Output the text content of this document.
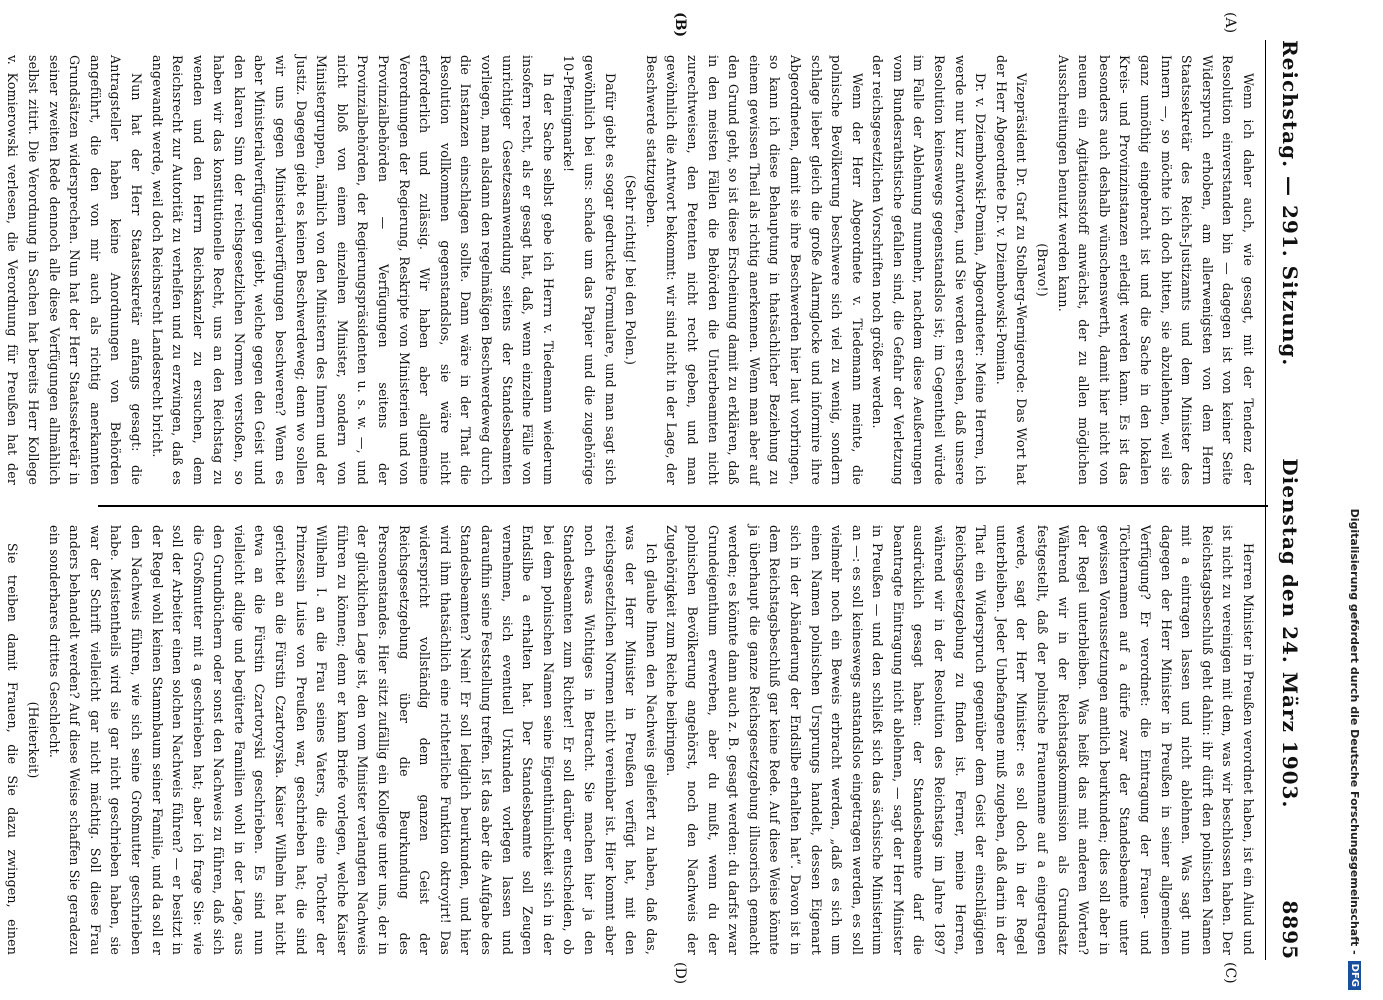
Reichstag. — 291. Sitzung.
Dienstag den 24. März 1903.
8895
(A)
(B)
(C)
(D)

Wenn ich daher auch, wie gesagt, mit der Tendenz der Resolution einverstanden bin — dagegen ist von keiner Seite Widerspruch erhoben, am allerwenigsten von dem Herrn Staatssekretär des Reichs-Justizamts und dem Minister des Innern —, so möchte ich doch bitten, sie abzulehnen, weil sie ganz unnöthig eingebracht ist und die Sache in den lokalen Kreis- und Provinzinstanzen erledigt werden kann. Es ist das besonders auch deshalb wünschenswerth, damit hier nicht von neuem ein Agitationsstoff anwächst, der zu allen möglichen Ausschreitungen benutzt werden kann.

(Bravo!)

Vizepräsident Dr. Graf zu Stolberg-Wernigerode: Das Wort hat der Herr Abgeordnete Dr. v. Dziembowski-Pomian.

Dr. v. Dziembowski-Pomian, Abgeordneter: Meine Herren, ich werde nur kurz antworten, und Sie werden ersehen, daß unsere Resolution keineswegs gegenstandslos ist; im Gegentheil würde im Falle der Ablehnung nunmehr, nachdem diese Aeußerungen vom Bundesrathstische gefallen sind, die Gefahr der Verletzung der reichsgesetzlichen Vorschriften noch größer werden.

Wenn der Herr Abgeordnete v. Tiedemann meinte, die polnische Bevölkerung beschwere sich viel zu wenig, sondern schlage lieber gleich die große Alarmglocke und informire ihre Abgeordneten, damit sie ihre Beschwerden hier laut vorbringen, so kann ich diese Behauptung in thatsächlicher Beziehung zu einem gewissen Theil als richtig anerkennen. Wenn man aber auf den Grund geht, so ist diese Erscheinung damit zu erklären, daß in den meisten Fällen die Behörden die Unterbeamten nicht zurechtweisen, den Petenten nicht recht geben, und man gewöhnlich die Antwort bekommt: wir sind nicht in der Lage, der Beschwerde stattzugeben.

(Sehr richtig! bei den Polen.)

Dafür giebt es sogar gedruckte Formulare, und man sagt sich gewöhnlich bei uns: schade um das Papier und die zugehörige 10-Pfennigmarke!

In der Sache selbst gebe ich Herrn v. Tiedemann wiederum insofern recht, als er gesagt hat, daß, wenn einzelne Fälle von unrichtiger Gesetzesanwendung seitens der Standesbeamten vorliegen, man alsdann den regelmäßigen Beschwerdeweg durch die Instanzen einschlagen sollte. Dann wäre in der That die Resolution vollkommen gegenstandslos, sie wäre nicht erforderlich und zulässig. Wir haben aber allgemeine Verordnungen der Regierung, Reskripte von Ministerien und von Provinzialbehörden — Verfügungen seitens der Provinzialbehörden, der Regierungspräsidenten u. s. w. —, und nicht bloß von einem einzelnen Minister, sondern von Ministergruppen, nämlich von den Ministern des Innern und der Justiz. Dagegen giebt es keinen Beschwerdeweg; denn wo sollen wir uns gegen Ministerialverfügungen beschweren? Wenn es aber Ministerialverfügungen giebt, welche gegen den Geist und den klaren Sinn der reichsgesetzlichen Normen verstoßen, so haben wir das konstitutionelle Recht, uns an den Reichstag zu wenden und den Herrn Reichskanzler zu ersuchen, dem Reichsrecht zur Autorität zu verhelfen und zu erzwingen, daß es angewandt werde, weil doch Reichsrecht Landesrecht bricht.

Nun hat der Herr Staatssekretär anfangs gesagt: die Antragsteller haben keine Anordnungen von Behörden angeführt, die den von mir auch als richtig anerkannten Grundsätzen widersprechen. Nun hat der Herr Staatssekretär in seiner zweiten Rede dennoch alle diese Verfügungen allmählich selbst zitirt. Die Verordnung in Sachen hat bereits Herr Kollege v. Komierowski verlesen, die Verordnung für Preußen hat der

Herren Minister in Preußen verordnet haben, ist ein Aliud und ist nicht zu vereinigen mit dem, was wir beschlossen haben. Der Reichstagsbeschluß geht dahin: ihr dürft den polnischen Namen mit a eintragen lassen und nicht ablehnen. Was sagt nun dagegen der Herr Minister in Preußen in seiner allgemeinen Verfügung? Er verordnet: die Eintragung der Frauen- und Töchternamen auf a dürfe zwar der Standesbeamte unter gewissen Voraussetzungen amtlich beurkunden; dies soll aber in der Regel unterbleiben. Was heißt das mit anderen Worten? Während wir in der Reichstagskommission als Grundsatz festgestellt, daß der polnische Frauenname auf a eingetragen werde, sagt der Herr Minister: es soll doch in der Regel unterbleiben. Jeder Unbefangene muß zugeben, daß darin in der That ein Widerspruch gegenüber dem Geist der einschlägigen Reichsgesetzgebung zu finden ist. Ferner, meine Herren, während wir in der Resolution des Reichstags im Jahre 1897 ausdrücklich gesagt haben: der Standesbeamte darf die beantragte Eintragung nicht ablehnen, — sagt der Herr Minister in Preußen — und den schließt sich das sächsische Ministerium an —: es soll keineswegs anstandslos eingetragen werden, es soll vielmehr noch ein Beweis erbracht werden, „daß es sich um einen Namen polnischen Ursprungs handelt, dessen Eigenart sich in der Abänderung der Endsilbe erhalten hat“. Davon ist in dem Reichstagsbeschluß gar keine Rede. Auf diese Weise könnte ja überhaupt die ganze Reichsgesetzgebung illusorisch gemacht werden; es könnte dann auch z. B. gesagt werden: du darfst zwar Grundeigenthum erwerben, aber du mußt, wenn du der polnischen Bevölkerung angehörst, noch den Nachweis der Zugehörigkeit zum Reiche beibringen.

Ich glaube Ihnen den Nachweis geliefert zu haben, daß das, was der Herr Minister in Preußen verfügt hat, mit den reichsgesetzlichen Normen nicht vereinbar ist. Hier kommt aber noch etwas Wichtiges in Betracht. Sie machen hier ja den Standesbeamten zum Richter! Er soll darüber entscheiden, ob bei dem polnischen Namen seine Eigenthümlichkeit sich in der Endsilbe a erhalten hat. Der Standesbeamte soll Zeugen vernehmen, sich eventuell Urkunden vorlegen lassen und daraufhin seine Feststellung treffen. Ist das aber die Aufgabe des Standesbeamten? Nein! Er soll lediglich beurkunden, und hier wird ihm thatsächlich eine richterliche Funktion oktroyirt! Das widerspricht vollständig dem ganzen Geist der Reichsgesetzgebung über die Beurkundung des Personenstandes. Hier sitzt zufällig ein Kollege unter uns, der in der glücklichen Lage ist, den vom Minister verlangten Nachweis führen zu können; denn er kann Briefe vorlegen, welche Kaiser Wilhelm I. an die Frau seines Vaters, die eine Tochter der Prinzessin Luise von Preußen war, geschrieben hat; die sind gerichtet an die Fürstin Czartoryska. Kaiser Wilhelm hat nicht etwa an die Fürstin Czartoryski geschrieben. Es sind nun vielleicht adlige und begüterte Familien wohl in der Lage, aus den Grundbüchern oder sonst den Nachweis zu führen, daß sich die Großmutter mit a geschrieben hat; aber ich frage Sie: wie soll der Arbeiter einen solchen Nachweis führen? — er besitzt in der Regel wohl keinen Stammbaum seiner Familie, und da soll er den Nachweis führen, wie sich seine Großmutter geschrieben habe. Meistentheils wird sie gar nicht geschrieben haben, sie war der Schrift vielleicht gar nicht mächtig. Soll diese Frau anders behandelt werden? Auf diese Weise schaffen Sie geradezu ein sonderbares drittes Geschlecht.

(Heiterkeit)

Sie treiben damit Frauen, die Sie dazu zwingen, einen	Digitalisierung gefördert durch die Deutsche Forschungsgemeinschaft -
DFG
